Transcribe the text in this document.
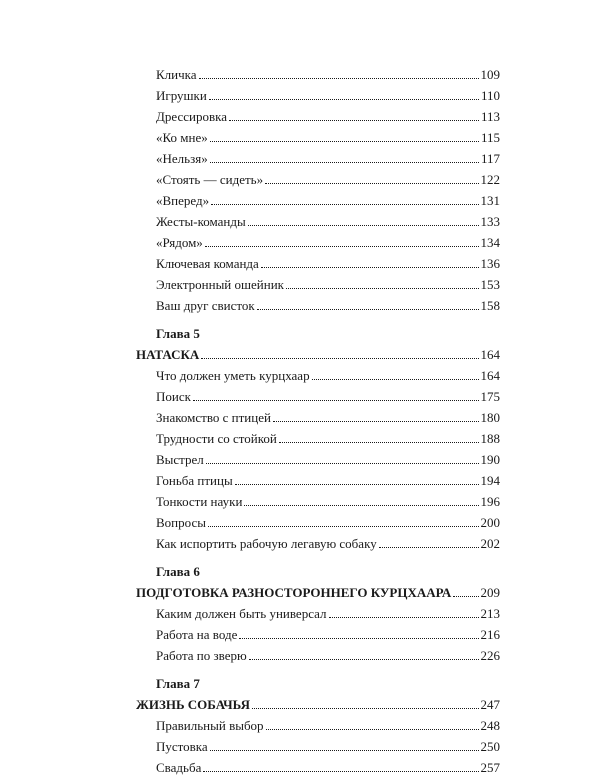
Кличка	109
Игрушки	110
Дрессировка	113
«Ко мне»	115
«Нельзя»	117
«Стоять — сидеть»	122
«Вперед»	131
Жесты-команды	133
«Рядом»	134
Ключевая команда	136
Электронный ошейник	153
Ваш друг свисток	158
Глава 5
НАТАСКА	164
Что должен уметь курцхаар	164
Поиск	175
Знакомство с птицей	180
Трудности со стойкой	188
Выстрел	190
Гоньба птицы	194
Тонкости науки	196
Вопросы	200
Как испортить рабочую легавую собаку	202
Глава 6
ПОДГОТОВКА РАЗНОСТОРОННЕГО КУРЦХААРА 209
Каким должен быть универсал	213
Работа на воде	216
Работа по зверю	226
Глава 7
ЖИЗНЬ СОБАЧЬЯ	247
Правильный выбор	248
Пустовка	250
Свадьба	257
